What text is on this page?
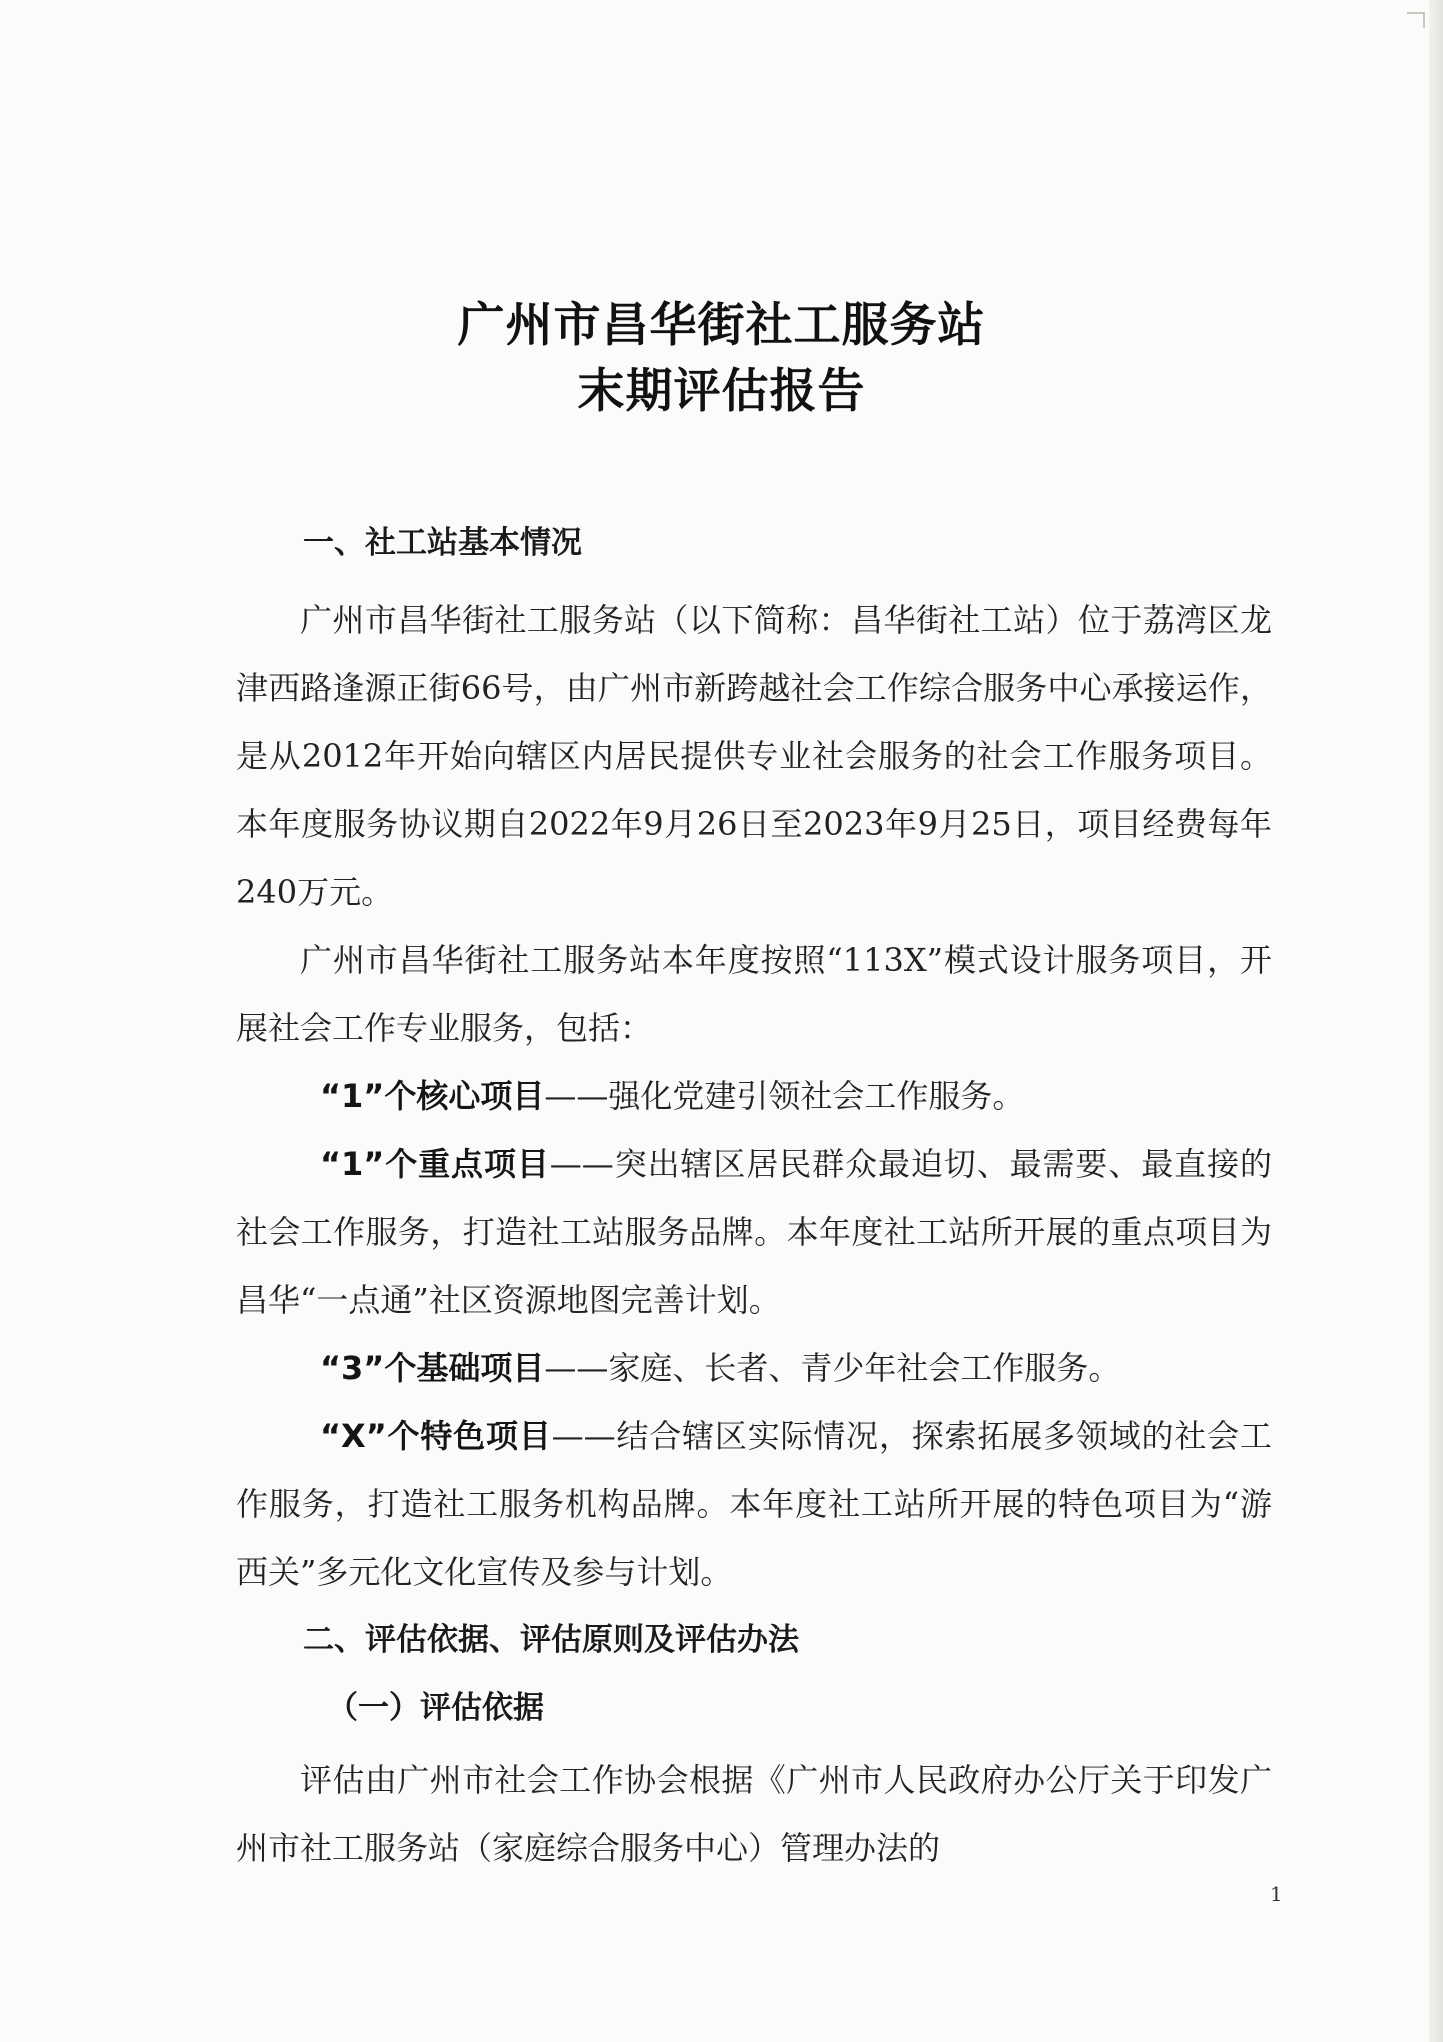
广州市昌华街社工服务站
末期评估报告
一、社工站基本情况

广州市昌华街社工服务站（以下简称：昌华街社工站）位于荔湾区龙津西路逢源正街66号，由广州市新跨越社会工作综合服务中心承接运作，是从2012年开始向辖区内居民提供专业社会服务的社会工作服务项目。本年度服务协议期自2022年9月26日至2023年9月25日，项目经费每年240万元。

广州市昌华街社工服务站本年度按照“113X”模式设计服务项目，开展社会工作专业服务，包括：

“1”个核心项目——强化党建引领社会工作服务。

“1”个重点项目——突出辖区居民群众最迫切、最需要、最直接的社会工作服务，打造社工站服务品牌。本年度社工站所开展的重点项目为昌华“一点通”社区资源地图完善计划。

“3”个基础项目——家庭、长者、青少年社会工作服务。

“X”个特色项目——结合辖区实际情况，探索拓展多领域的社会工作服务，打造社工服务机构品牌。本年度社工站所开展的特色项目为“游西关”多元化文化宣传及参与计划。

二、评估依据、评估原则及评估办法
（一）评估依据

评估由广州市社会工作协会根据《广州市人民政府办公厅关于印发广州市社工服务站（家庭综合服务中心）管理办法的

1
